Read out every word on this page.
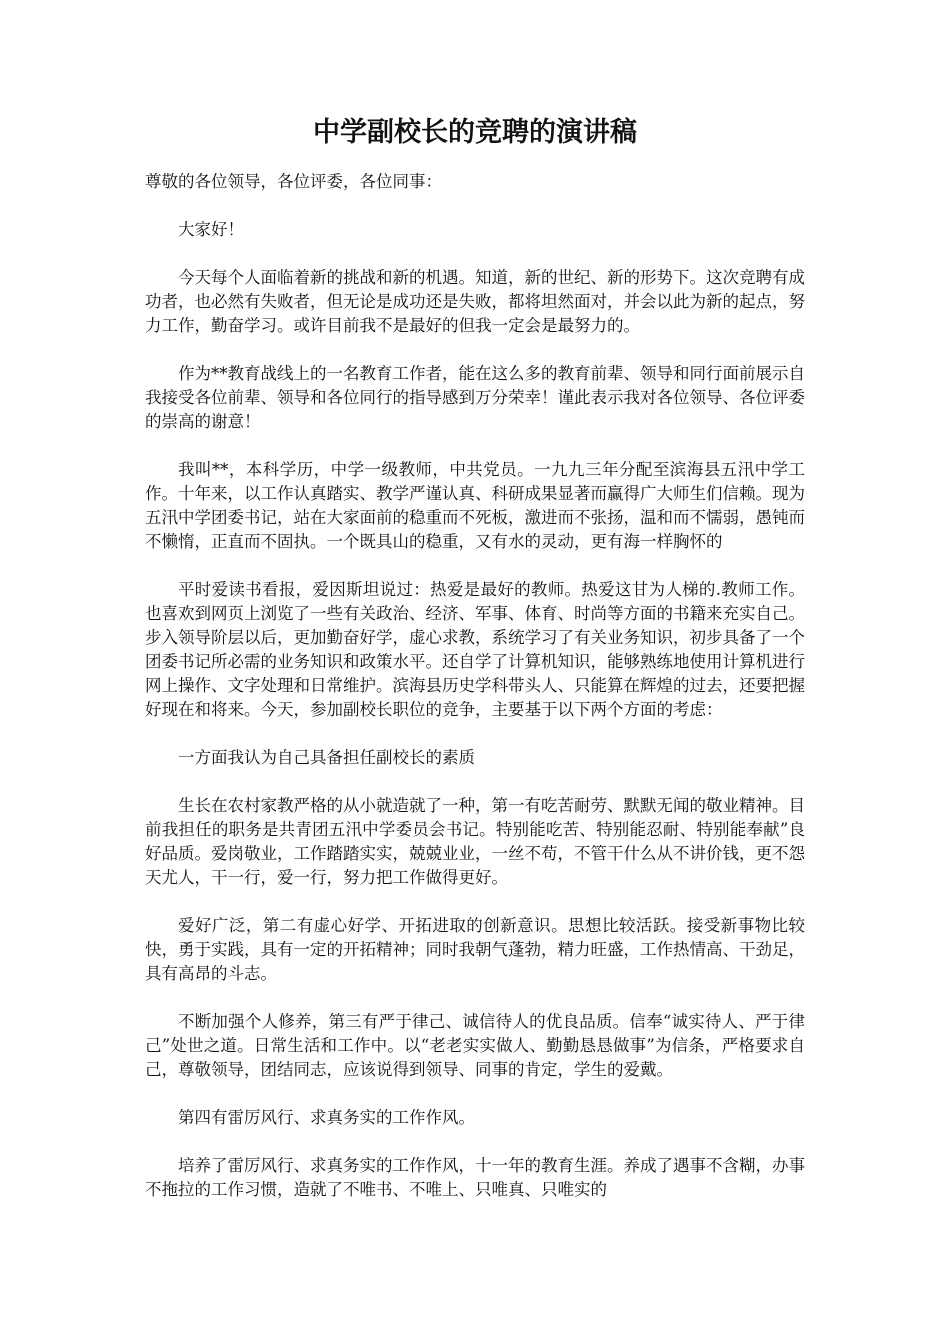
中学副校长的竞聘的演讲稿

尊敬的各位领导，各位评委，各位同事：

大家好！

今天每个人面临着新的挑战和新的机遇。知道，新的世纪、新的形势下。这次竞聘有成功者，也必然有失败者，但无论是成功还是失败，都将坦然面对，并会以此为新的起点，努力工作，勤奋学习。或许目前我不是最好的但我一定会是最努力的。

作为**教育战线上的一名教育工作者，能在这么多的教育前辈、领导和同行面前展示自我接受各位前辈、领导和各位同行的指导感到万分荣幸！谨此表示我对各位领导、各位评委的崇高的谢意！

我叫**，本科学历，中学一级教师，中共党员。一九九三年分配至滨海县五汛中学工作。十年来，以工作认真踏实、教学严谨认真、科研成果显著而赢得广大师生们信赖。现为五汛中学团委书记，站在大家面前的稳重而不死板，激进而不张扬，温和而不懦弱，愚钝而不懒惰，正直而不固执。一个既具山的稳重，又有水的灵动，更有海一样胸怀的

平时爱读书看报，爱因斯坦说过：热爱是最好的教师。热爱这甘为人梯的.教师工作。也喜欢到网页上浏览了一些有关政治、经济、军事、体育、时尚等方面的书籍来充实自己。步入领导阶层以后，更加勤奋好学，虚心求教，系统学习了有关业务知识，初步具备了一个团委书记所必需的业务知识和政策水平。还自学了计算机知识，能够熟练地使用计算机进行网上操作、文字处理和日常维护。滨海县历史学科带头人、只能算在辉煌的过去，还要把握好现在和将来。今天，参加副校长职位的竞争，主要基于以下两个方面的考虑：

一方面我认为自己具备担任副校长的素质

生长在农村家教严格的从小就造就了一种，第一有吃苦耐劳、默默无闻的敬业精神。目前我担任的职务是共青团五汛中学委员会书记。特别能吃苦、特别能忍耐、特别能奉献”良好品质。爱岗敬业，工作踏踏实实，兢兢业业，一丝不苟，不管干什么从不讲价钱，更不怨天尤人，干一行，爱一行，努力把工作做得更好。

爱好广泛，第二有虚心好学、开拓进取的创新意识。思想比较活跃。接受新事物比较快，勇于实践，具有一定的开拓精神；同时我朝气蓬勃，精力旺盛，工作热情高、干劲足，具有高昂的斗志。

不断加强个人修养，第三有严于律己、诚信待人的优良品质。信奉“诚实待人、严于律己”处世之道。日常生活和工作中。以“老老实实做人、勤勤恳恳做事”为信条，严格要求自己，尊敬领导，团结同志，应该说得到领导、同事的肯定，学生的爱戴。

第四有雷厉风行、求真务实的工作作风。

培养了雷厉风行、求真务实的工作作风，十一年的教育生涯。养成了遇事不含糊，办事不拖拉的工作习惯，造就了不唯书、不唯上、只唯真、只唯实的
